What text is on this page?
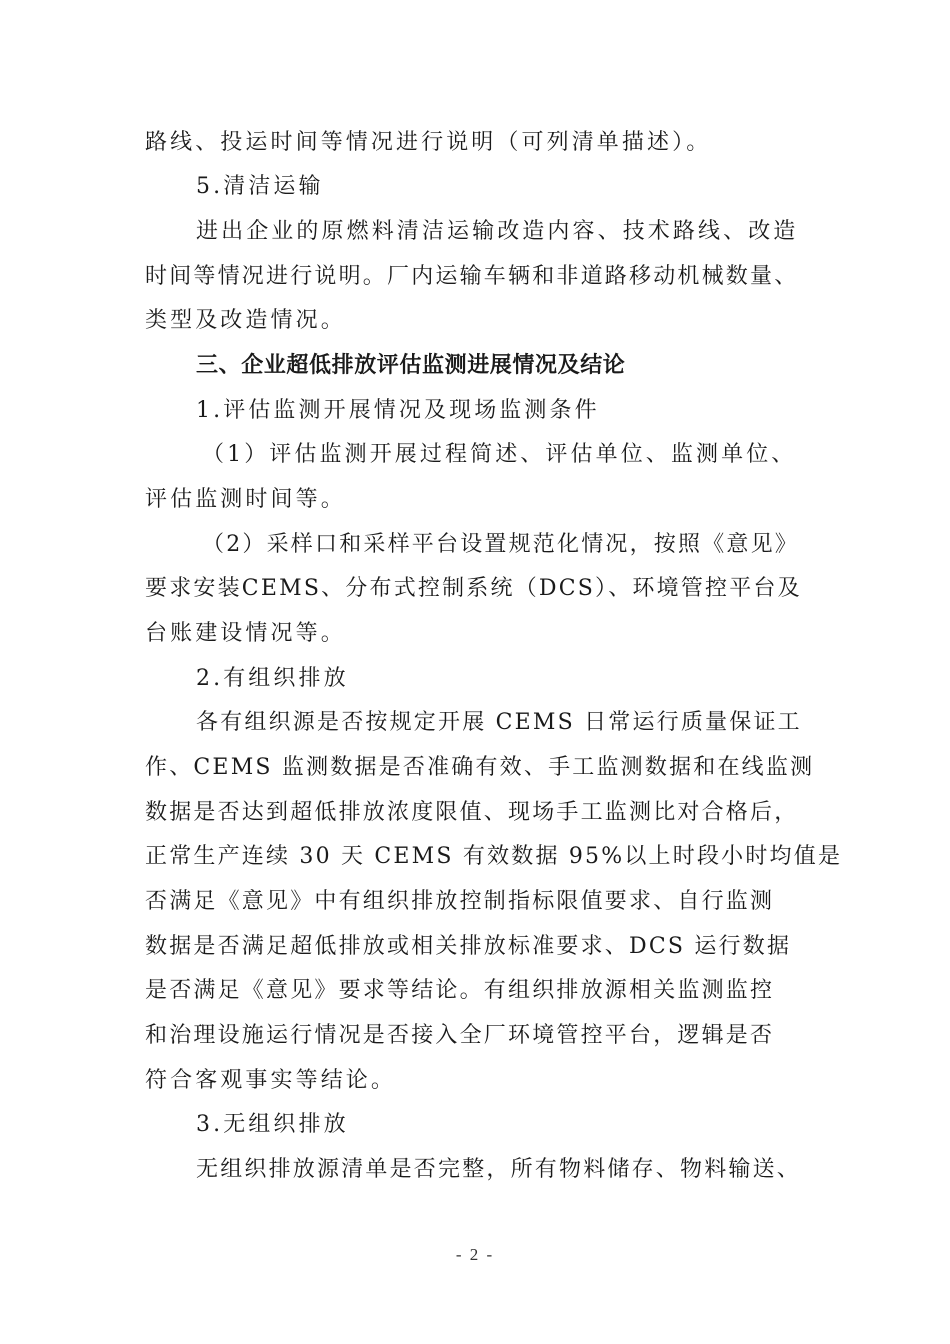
路线、投运时间等情况进行说明（可列清单描述）。
5.清洁运输
进出企业的原燃料清洁运输改造内容、技术路线、改造
时间等情况进行说明。厂内运输车辆和非道路移动机械数量、
类型及改造情况。
三、企业超低排放评估监测进展情况及结论
1.评估监测开展情况及现场监测条件
（1）评估监测开展过程简述、评估单位、监测单位、
评估监测时间等。
（2）采样口和采样平台设置规范化情况，按照《意见》
要求安装CEMS、分布式控制系统（DCS）、环境管控平台及
台账建设情况等。
2.有组织排放
各有组织源是否按规定开展 CEMS 日常运行质量保证工
作、CEMS 监测数据是否准确有效、手工监测数据和在线监测
数据是否达到超低排放浓度限值、现场手工监测比对合格后，
正常生产连续 30 天 CEMS 有效数据 95%以上时段小时均值是
否满足《意见》中有组织排放控制指标限值要求、自行监测
数据是否满足超低排放或相关排放标准要求、DCS 运行数据
是否满足《意见》要求等结论。有组织排放源相关监测监控
和治理设施运行情况是否接入全厂环境管控平台，逻辑是否
符合客观事实等结论。
3.无组织排放
无组织排放源清单是否完整，所有物料储存、物料输送、
- 2 -
